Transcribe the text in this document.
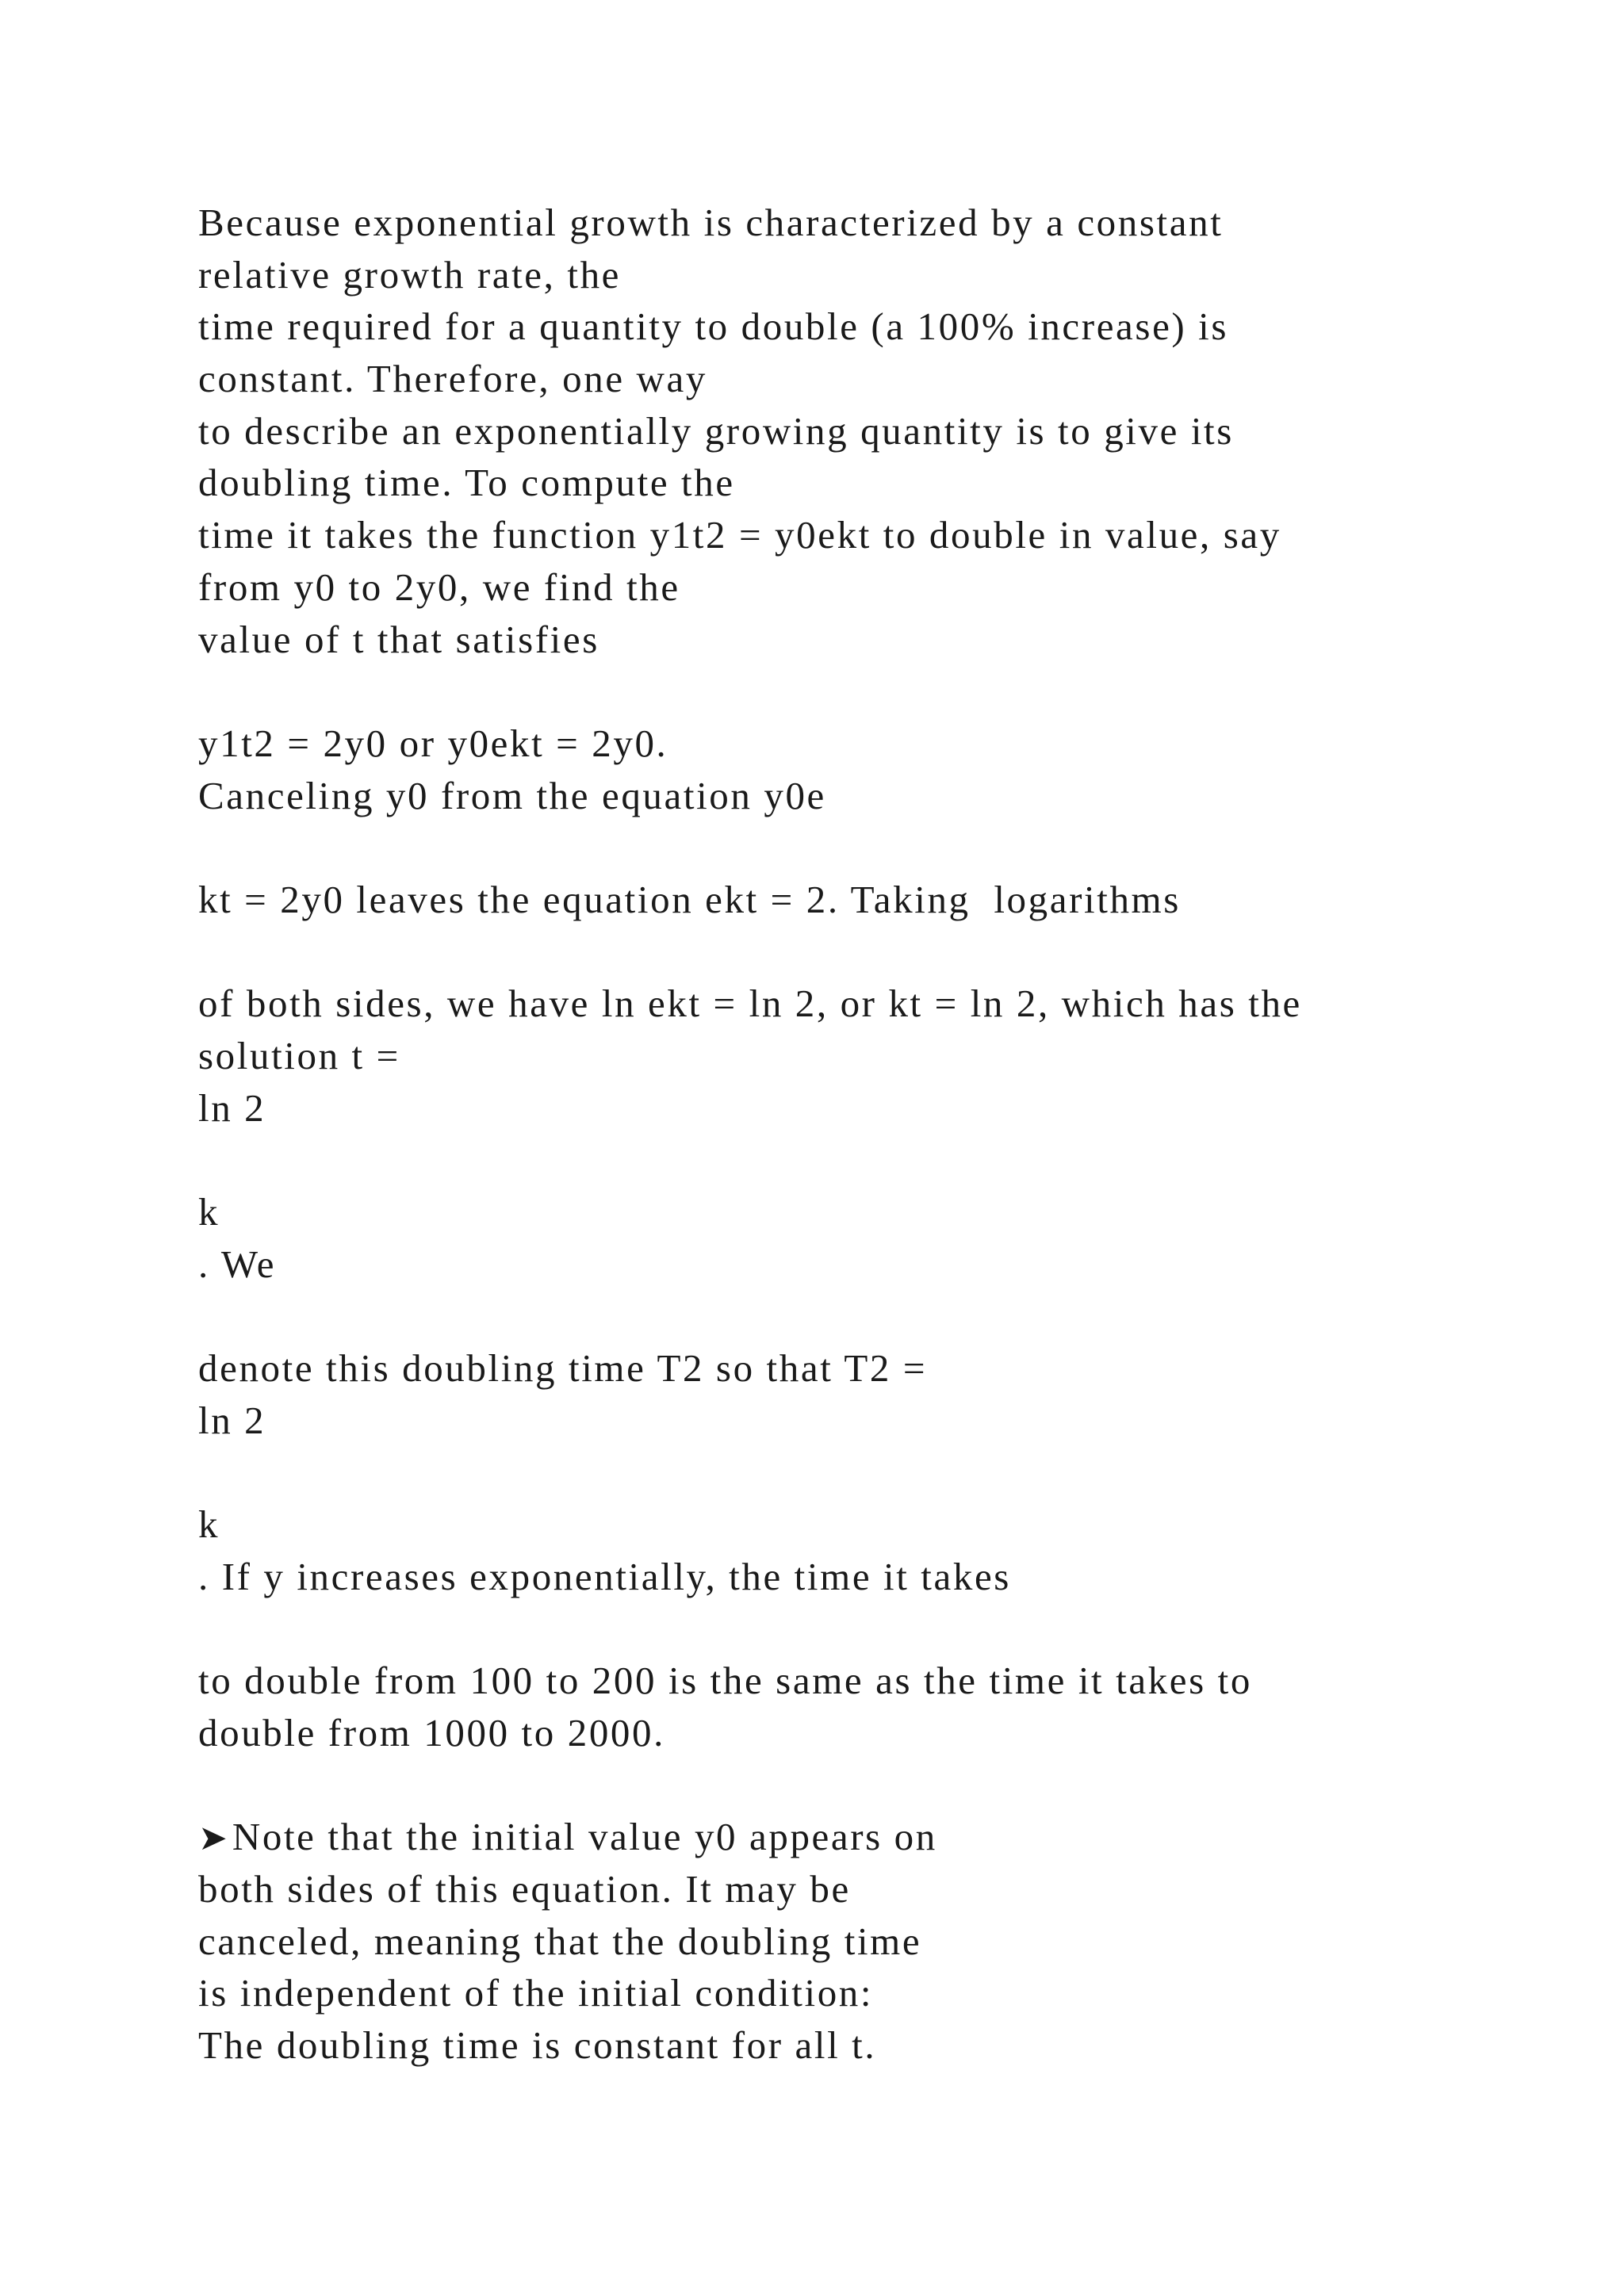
Because exponential growth is characterized by a constant
relative growth rate, the
time required for a quantity to double (a 100% increase) is
constant. Therefore, one way
to describe an exponentially growing quantity is to give its
doubling time. To compute the
time it takes the function y1t2 = y0ekt to double in value, say
from y0 to 2y0, we find the
value of t that satisfies
y1t2 = 2y0 or y0ekt = 2y0.
Canceling y0 from the equation y0e
kt = 2y0 leaves the equation ekt = 2. Taking  logarithms
of both sides, we have ln ekt = ln 2, or kt = ln 2, which has the
solution t =
ln 2
k
. We
denote this doubling time T2 so that T2 =
ln 2
k
. If y increases exponentially, the time it takes
to double from 100 to 200 is the same as the time it takes to
double from 1000 to 2000.
➤ Note that the initial value y0 appears on
both sides of this equation. It may be
canceled, meaning that the doubling time
is independent of the initial condition:
The doubling time is constant for all t.
